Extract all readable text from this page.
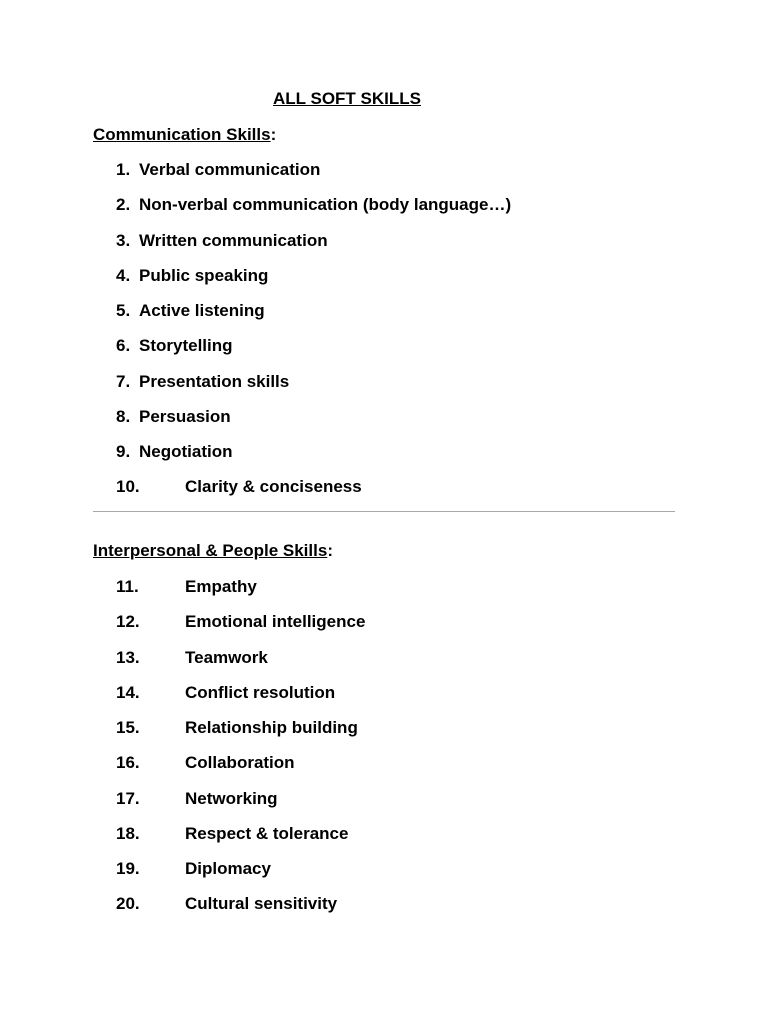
ALL SOFT SKILLS

Communication Skills:

1. Verbal communication
2. Non-verbal communication (body language…)
3. Written communication
4. Public speaking
5. Active listening
6. Storytelling
7. Presentation skills
8. Persuasion
9. Negotiation
10.	Clarity & conciseness

Interpersonal & People Skills:

11.	Empathy
12.	Emotional intelligence
13.	Teamwork
14.	Conflict resolution
15.	Relationship building
16.	Collaboration
17.	Networking
18.	Respect & tolerance
19.	Diplomacy
20.	Cultural sensitivity
